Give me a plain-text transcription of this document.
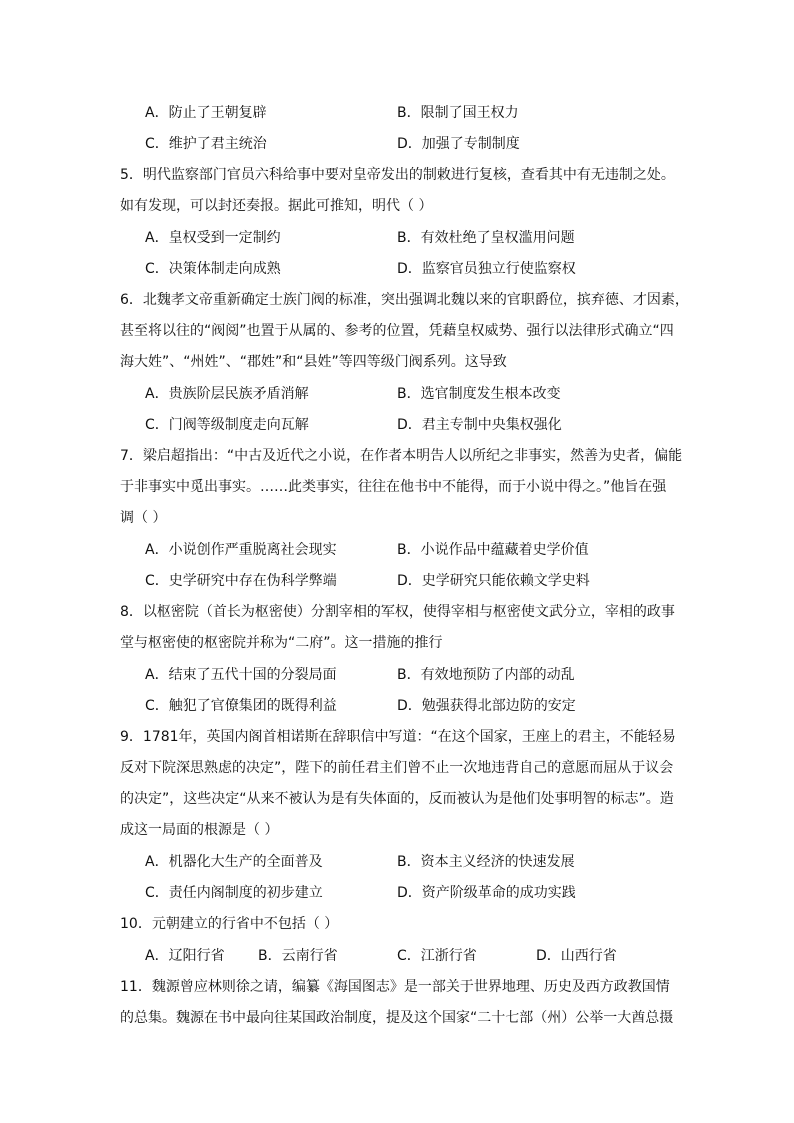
A．防止了王朝复辟	B．限制了国王权力
C．维护了君主统治	D．加强了专制制度
5．明代监察部门官员六科给事中要对皇帝发出的制敕进行复核，查看其中有无违制之处。
如有发现，可以封还奏报。据此可推知，明代（ ）
A．皇权受到一定制约	B．有效杜绝了皇权滥用问题
C．决策体制走向成熟	D．监察官员独立行使监察权
6．北魏孝文帝重新确定士族门阀的标准，突出强调北魏以来的官职爵位，摈弃德、才因素，
甚至将以往的“阀阅”也置于从属的、参考的位置，凭藉皇权威势、强行以法律形式确立“四
海大姓”、“州姓”、“郡姓”和“县姓”等四等级门阀系列。这导致
A．贵族阶层民族矛盾消解	B．选官制度发生根本改变
C．门阀等级制度走向瓦解	D．君主专制中央集权强化
7．梁启超指出：“中古及近代之小说，在作者本明告人以所纪之非事实，然善为史者，偏能
于非事实中觅出事实。……此类事实，往往在他书中不能得，而于小说中得之。”他旨在强
调（ ）
A．小说创作严重脱离社会现实	B．小说作品中蕴藏着史学价值
C．史学研究中存在伪科学弊端	D．史学研究只能依赖文学史料
8．以枢密院（首长为枢密使）分割宰相的军权，使得宰相与枢密使文武分立，宰相的政事
堂与枢密使的枢密院并称为“二府”。这一措施的推行
A．结束了五代十国的分裂局面	B．有效地预防了内部的动乱
C．触犯了官僚集团的既得利益	D．勉强获得北部边防的安定
9．1781年，英国内阁首相诺斯在辞职信中写道：“在这个国家，王座上的君主，不能轻易
反对下院深思熟虑的决定”，陛下的前任君主们曾不止一次地违背自己的意愿而屈从于议会
的决定”，这些决定“从来不被认为是有失体面的，反而被认为是他们处事明智的标志”。造
成这一局面的根源是（ ）
A．机器化大生产的全面普及	B．资本主义经济的快速发展
C．责任内阁制度的初步建立	D．资产阶级革命的成功实践
10．元朝建立的行省中不包括（ ）
A．辽阳行省 B．云南行省	C．江浙行省	D．山西行省
11．魏源曾应林则徐之请，编纂《海国图志》是一部关于世界地理、历史及西方政教国情
的总集。魏源在书中最向往某国政治制度，提及这个国家“二十七部（州）公举一大酋总摄
